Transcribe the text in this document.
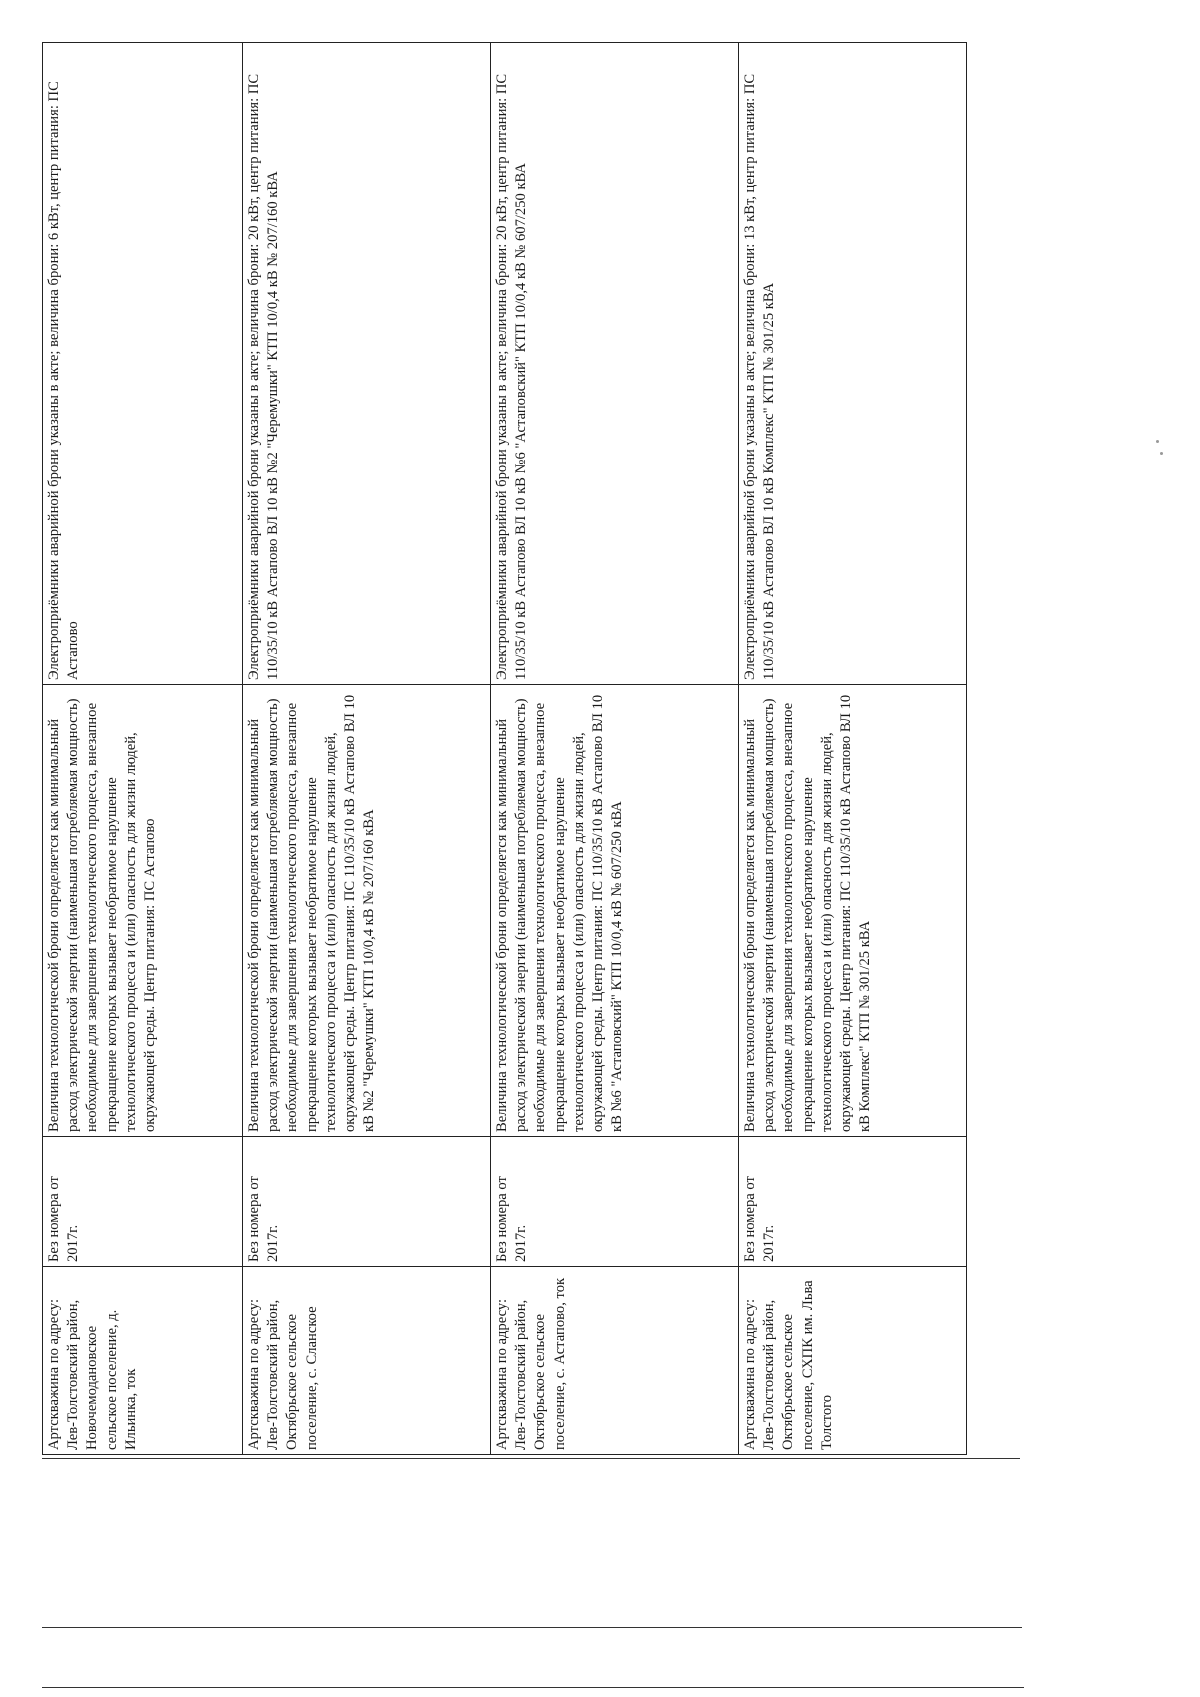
Артскважина по адресу: Лев-Толстовский район, Новочемодановское сельское поселение, д. Ильинка, ток	Без номера от 2017г.	Величина технологической брони определяется как минимальный расход электрической энергии (наименьшая потребляемая мощность) необходимые для завершения технологического процесса, внезапное прекращение которых вызывает необратимое нарушение технологического процесса и (или) опасность для жизни людей, окружающей среды. Центр питания: ПС Астапово	Электроприёмники аварийной брони указаны в акте; величина брони: 6 кВт, центр питания: ПС Астапово
Артскважина по адресу: Лев-Толстовский район, Октябрьское сельское поселение, с. Сланское	Без номера от 2017г.	Величина технологической брони определяется как минимальный расход электрической энергии (наименьшая потребляемая мощность) необходимые для завершения технологического процесса, внезапное прекращение которых вызывает необратимое нарушение технологического процесса и (или) опасность для жизни людей, окружающей среды. Центр питания: ПС 110/35/10 кВ Астапово ВЛ 10 кВ №2 "Черемушки" КТП 10/0,4 кВ № 207/160 кВА	Электроприёмники аварийной брони указаны в акте; величина брони: 20 кВт, центр питания: ПС 110/35/10 кВ Астапово ВЛ 10 кВ №2 "Черемушки" КТП 10/0,4 кВ № 207/160 кВА
Артскважина по адресу: Лев-Толстовский район, Октябрьское сельское поселение, с. Астапово, ток	Без номера от 2017г.	Величина технологической брони определяется как минимальный расход электрической энергии (наименьшая потребляемая мощность) необходимые для завершения технологического процесса, внезапное прекращение которых вызывает необратимое нарушение технологического процесса и (или) опасность для жизни людей, окружающей среды. Центр питания: ПС 110/35/10 кВ Астапово ВЛ 10 кВ №6 "Астаповский" КТП 10/0,4 кВ № 607/250 кВА	Электроприёмники аварийной брони указаны в акте; величина брони: 20 кВт, центр питания: ПС 110/35/10 кВ Астапово ВЛ 10 кВ №6 "Астаповский" КТП 10/0,4 кВ № 607/250 кВА
Артскважина по адресу: Лев-Толстовский район, Октябрьское сельское поселение, СХПК им. Льва Толстого	Без номера от 2017г.	Величина технологической брони определяется как минимальный расход электрической энергии (наименьшая потребляемая мощность) необходимые для завершения технологического процесса, внезапное прекращение которых вызывает необратимое нарушение технологического процесса и (или) опасность для жизни людей, окружающей среды. Центр питания: ПС 110/35/10 кВ Астапово ВЛ 10 кВ Комплекс" КТП № 301/25 кВА	Электроприёмники аварийной брони указаны в акте; величина брони: 13 кВт, центр питания: ПС 110/35/10 кВ Астапово ВЛ 10 кВ Комплекс" КТП № 301/25 кВА
